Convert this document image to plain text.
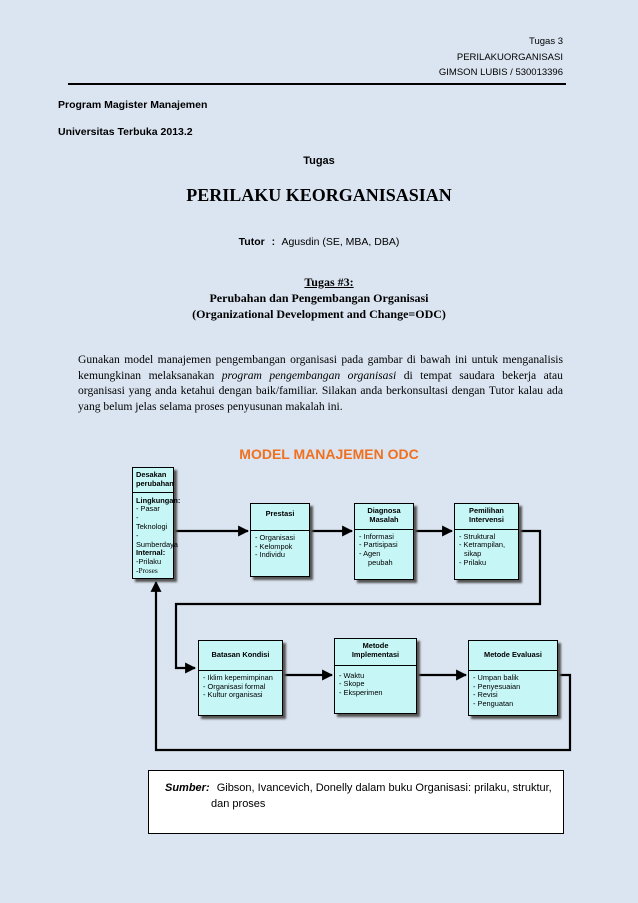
Tugas 3
PERILAKUORGANISASI
GIMSON LUBIS / 530013396
Program Magister Manajemen
Universitas Terbuka 2013.2
Tugas
PERILAKU KEORGANISASIAN
Tutor : Agusdin (SE, MBA, DBA)
Tugas #3:
Perubahan dan Pengembangan Organisasi
(Organizational Development and Change=ODC)
Gunakan model manajemen pengembangan organisasi pada gambar di bawah ini untuk menganalisis kemungkinan melaksanakan program pengembangan organisasi di tempat saudara bekerja atau organisasi yang anda ketahui dengan baik/familiar. Silakan anda berkonsultasi dengan Tutor kalau ada yang belum jelas selama proses penyusunan makalah ini.
MODEL MANAJEMEN ODC
Desakan perubahan
Lingkungan:
- Pasar
- Teknologi
- Sumberdaya
Internal:
-Prilaku
-Proses
Prestasi
- Organisasi
- Kelompok
- Individu
Diagnosa Masalah
- Informasi
- Partisipasi
- Agen
peubah
Pemilihan Intervensi
- Struktural
- Ketrampilan,
sikap
- Prilaku
Batasan Kondisi
- Iklim kepemimpinan
- Organisasi formal
- Kultur organisasi
Metode Implementasi
- Waktu
- Skope
- Eksperimen
Metode Evaluasi
- Umpan balik
- Penyesuaian
- Revisi
- Penguatan
Sumber: Gibson, Ivancevich, Donelly dalam buku Organisasi: prilaku, struktur,
dan proses
